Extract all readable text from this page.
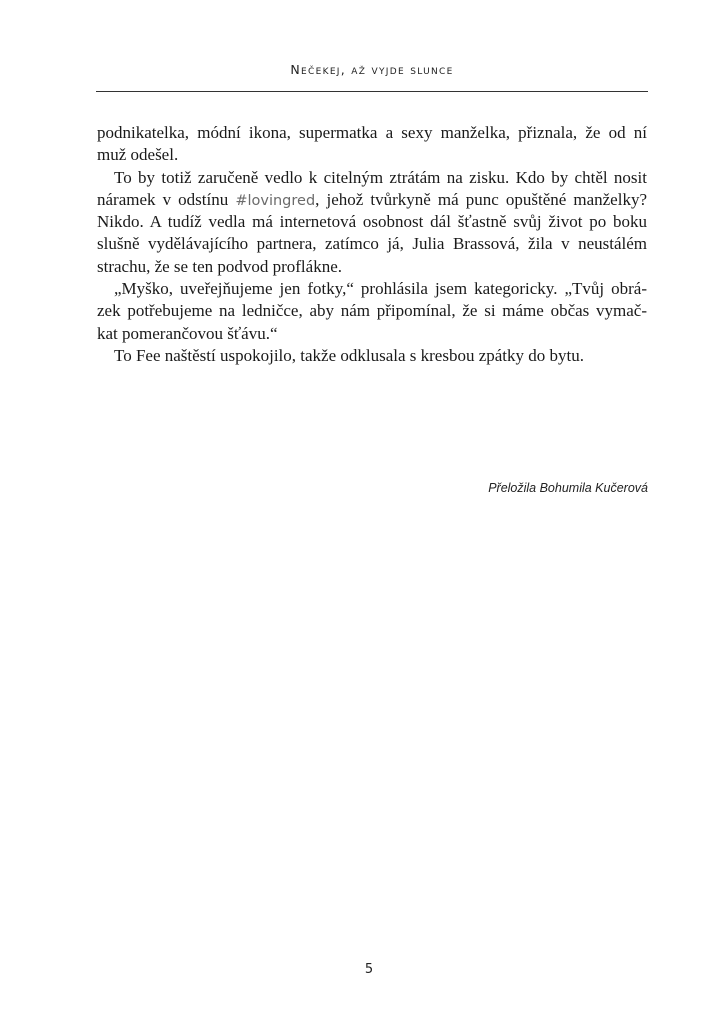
Nečekej, až vyjde slunce
podnikatelka, módní ikona, supermatka a sexy manželka, přiznala, že od ní
muž odešel.
To by totiž zaručeně vedlo k citelným ztrátám na zisku. Kdo by chtěl nosit
náramek v odstínu #lovingred, jehož tvůrkyně má punc opuštěné manželky?
Nikdo. A tudíž vedla má internetová osobnost dál šťastně svůj život po boku
slušně vydělávajícího partnera, zatímco já, Julia Brassová, žila v neustálém
strachu, že se ten podvod proflákne.
„Myško, uveřejňujeme jen fotky,“ prohlásila jsem kategoricky. „Tvůj obrá-
zek potřebujeme na ledničce, aby nám připomínal, že si máme občas vymač-
kat pomerančovou šťávu.“
To Fee naštěstí uspokojilo, takže odklusala s kresbou zpátky do bytu.
Přeložila Bohumila Kučerová
5
